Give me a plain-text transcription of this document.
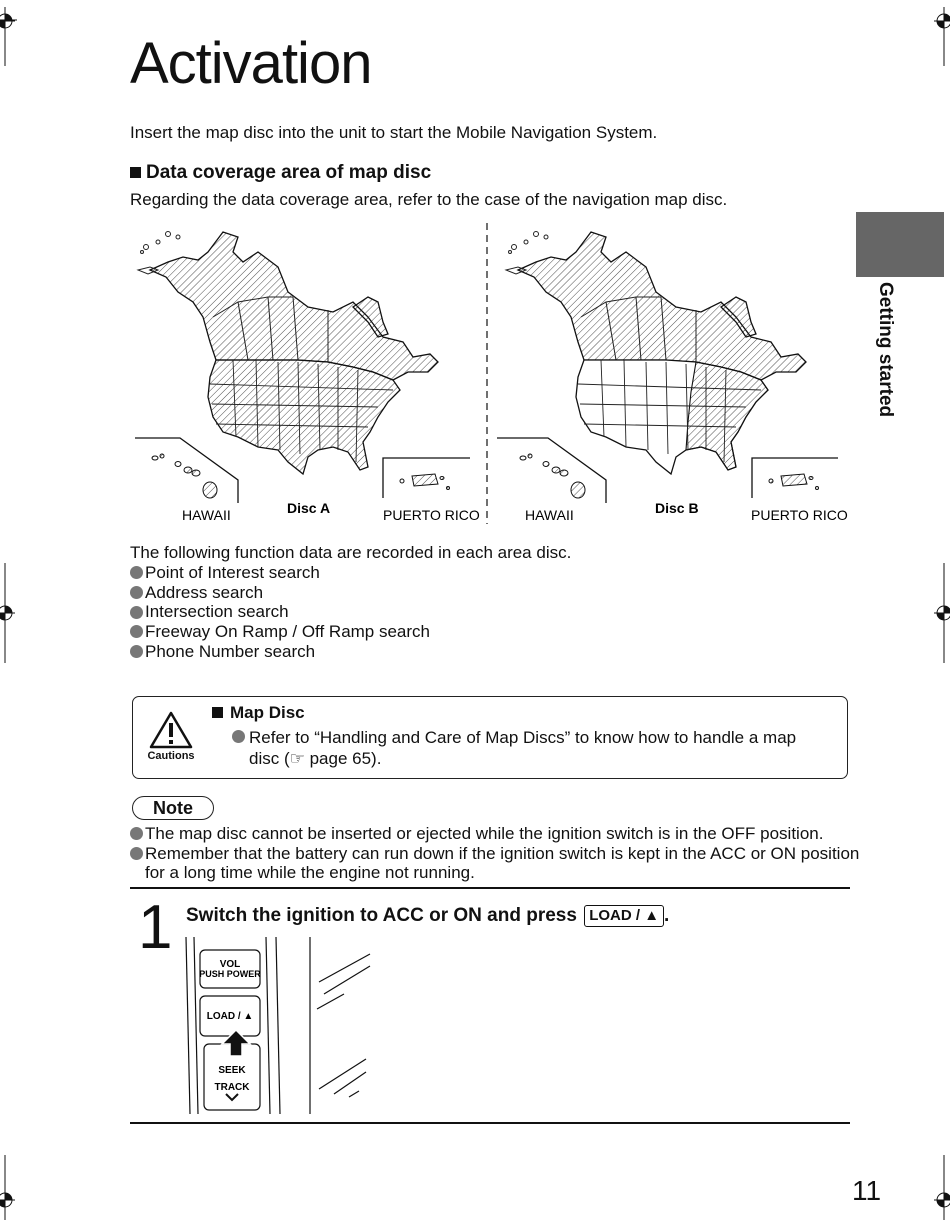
Activation
Insert the map disc into the unit to start the Mobile Navigation System.
Data coverage area of map disc
Regarding the data coverage area, refer to the case of the navigation map disc.
Getting started
HAWAII	Disc A	PUERTO RICO	HAWAII	Disc B	PUERTO RICO
The following function data are recorded in each area disc.
Point of Interest search
Address search
Intersection search
Freeway On Ramp / Off Ramp search
Phone Number search
Cautions
Map Disc
Refer to “Handling and Care of Map Discs” to know how to handle a map disc (☞ page 65).
Note
The map disc cannot be inserted or ejected while the ignition switch is in the OFF position.
Remember that the battery can run down if the ignition switch is kept in the ACC or ON position for a long time while the engine not running.
1 Switch the ignition to ACC or ON and press LOAD / ▲ .
VOL
PUSH POWER
LOAD / ▲
SEEK
TRACK
11
